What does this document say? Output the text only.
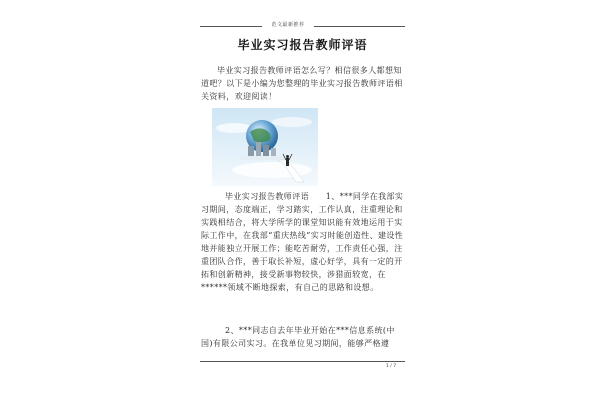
范文最新推荐
毕业实习报告教师评语

毕业实习报告教师评语怎么写？相信很多人都想知道吧？以下是小编为您整理的毕业实习报告教师评语相关资料，欢迎阅读！

毕业实习报告教师评语　　1、***同学在我部实习期间，态度端正，学习踏实，工作认真，注重理论和实践相结合，将大学所学的课堂知识能有效地运用于实际工作中，在我部“重庆热线”实习时能创造性、建设性地并能独立开展工作；能吃苦耐劳，工作责任心强，注重团队合作，善于取长补短，虚心好学，具有一定的开拓和创新精神，接受新事物较快，涉猎面较宽，在******领域不断地探索，有自己的思路和设想。

2、***同志自去年毕业开始在***信息系统(中国)有限公司实习。在我单位见习期间，能够严格遵

1 / 7
